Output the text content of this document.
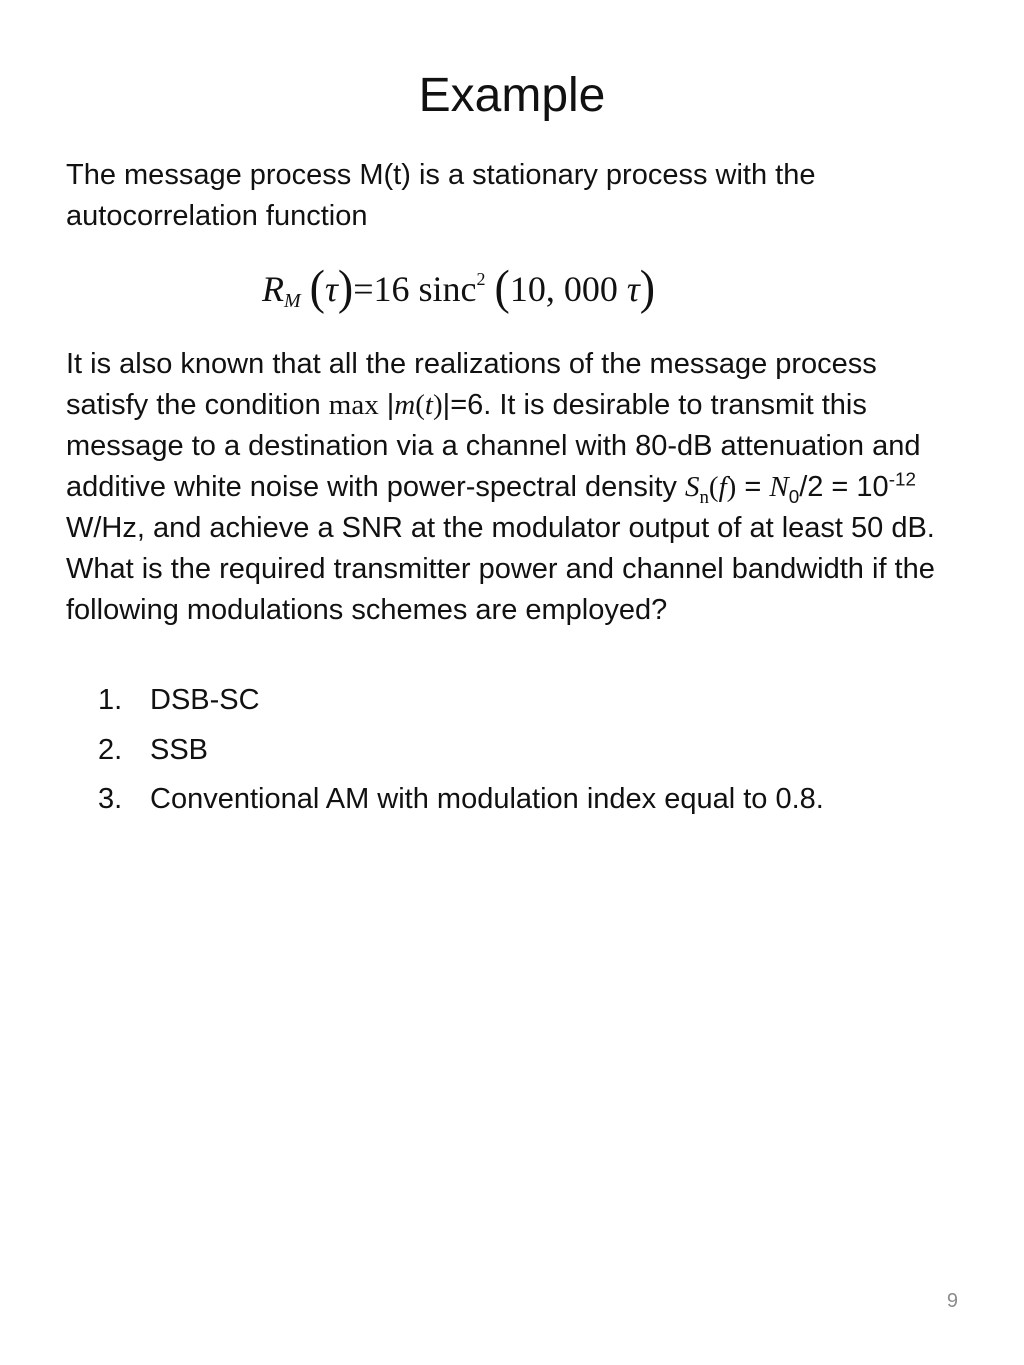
Example

The message process M(t) is a stationary process with the autocorrelation function

$R_M$ (τ)=16 sinc$^2$ (10, 000 τ)

It is also known that all the realizations of the message process satisfy the condition max |m(t)|=6. It is desirable to transmit this message to a destination via a channel with 80-dB attenuation and additive white noise with power-spectral density $S_n(f) = N_0/2 = 10^{-12}$ W/Hz, and achieve a SNR at the modulator output of at least 50 dB. What is the required transmitter power and channel bandwidth if the following modulations schemes are employed?

1. DSB-SC
2. SSB
3. Conventional AM with modulation index equal to 0.8.
9
